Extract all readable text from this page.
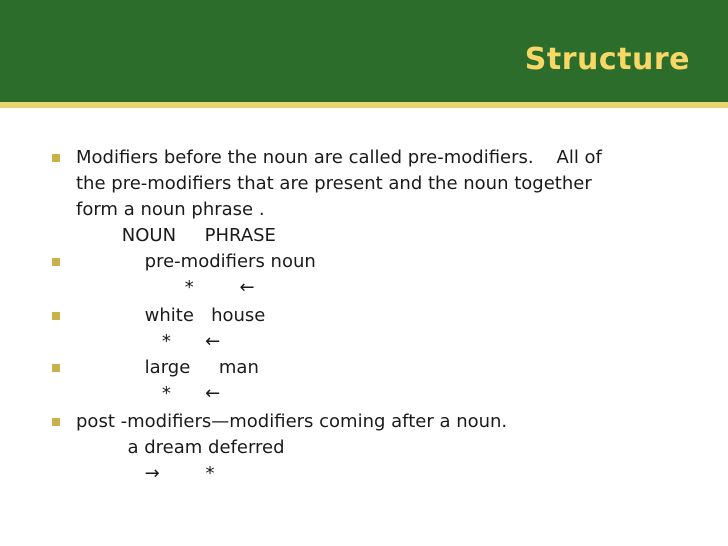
Structure
Modifiers before the noun are called pre-modifiers.    All of
the pre-modifiers that are present and the noun together
form a noun phrase .
NOUN     PHRASE
pre-modifiers noun
*        ←
white   house
*      ←
large     man
*      ←
post -modifiers—modifiers coming after a noun.
a dream deferred
→        *
